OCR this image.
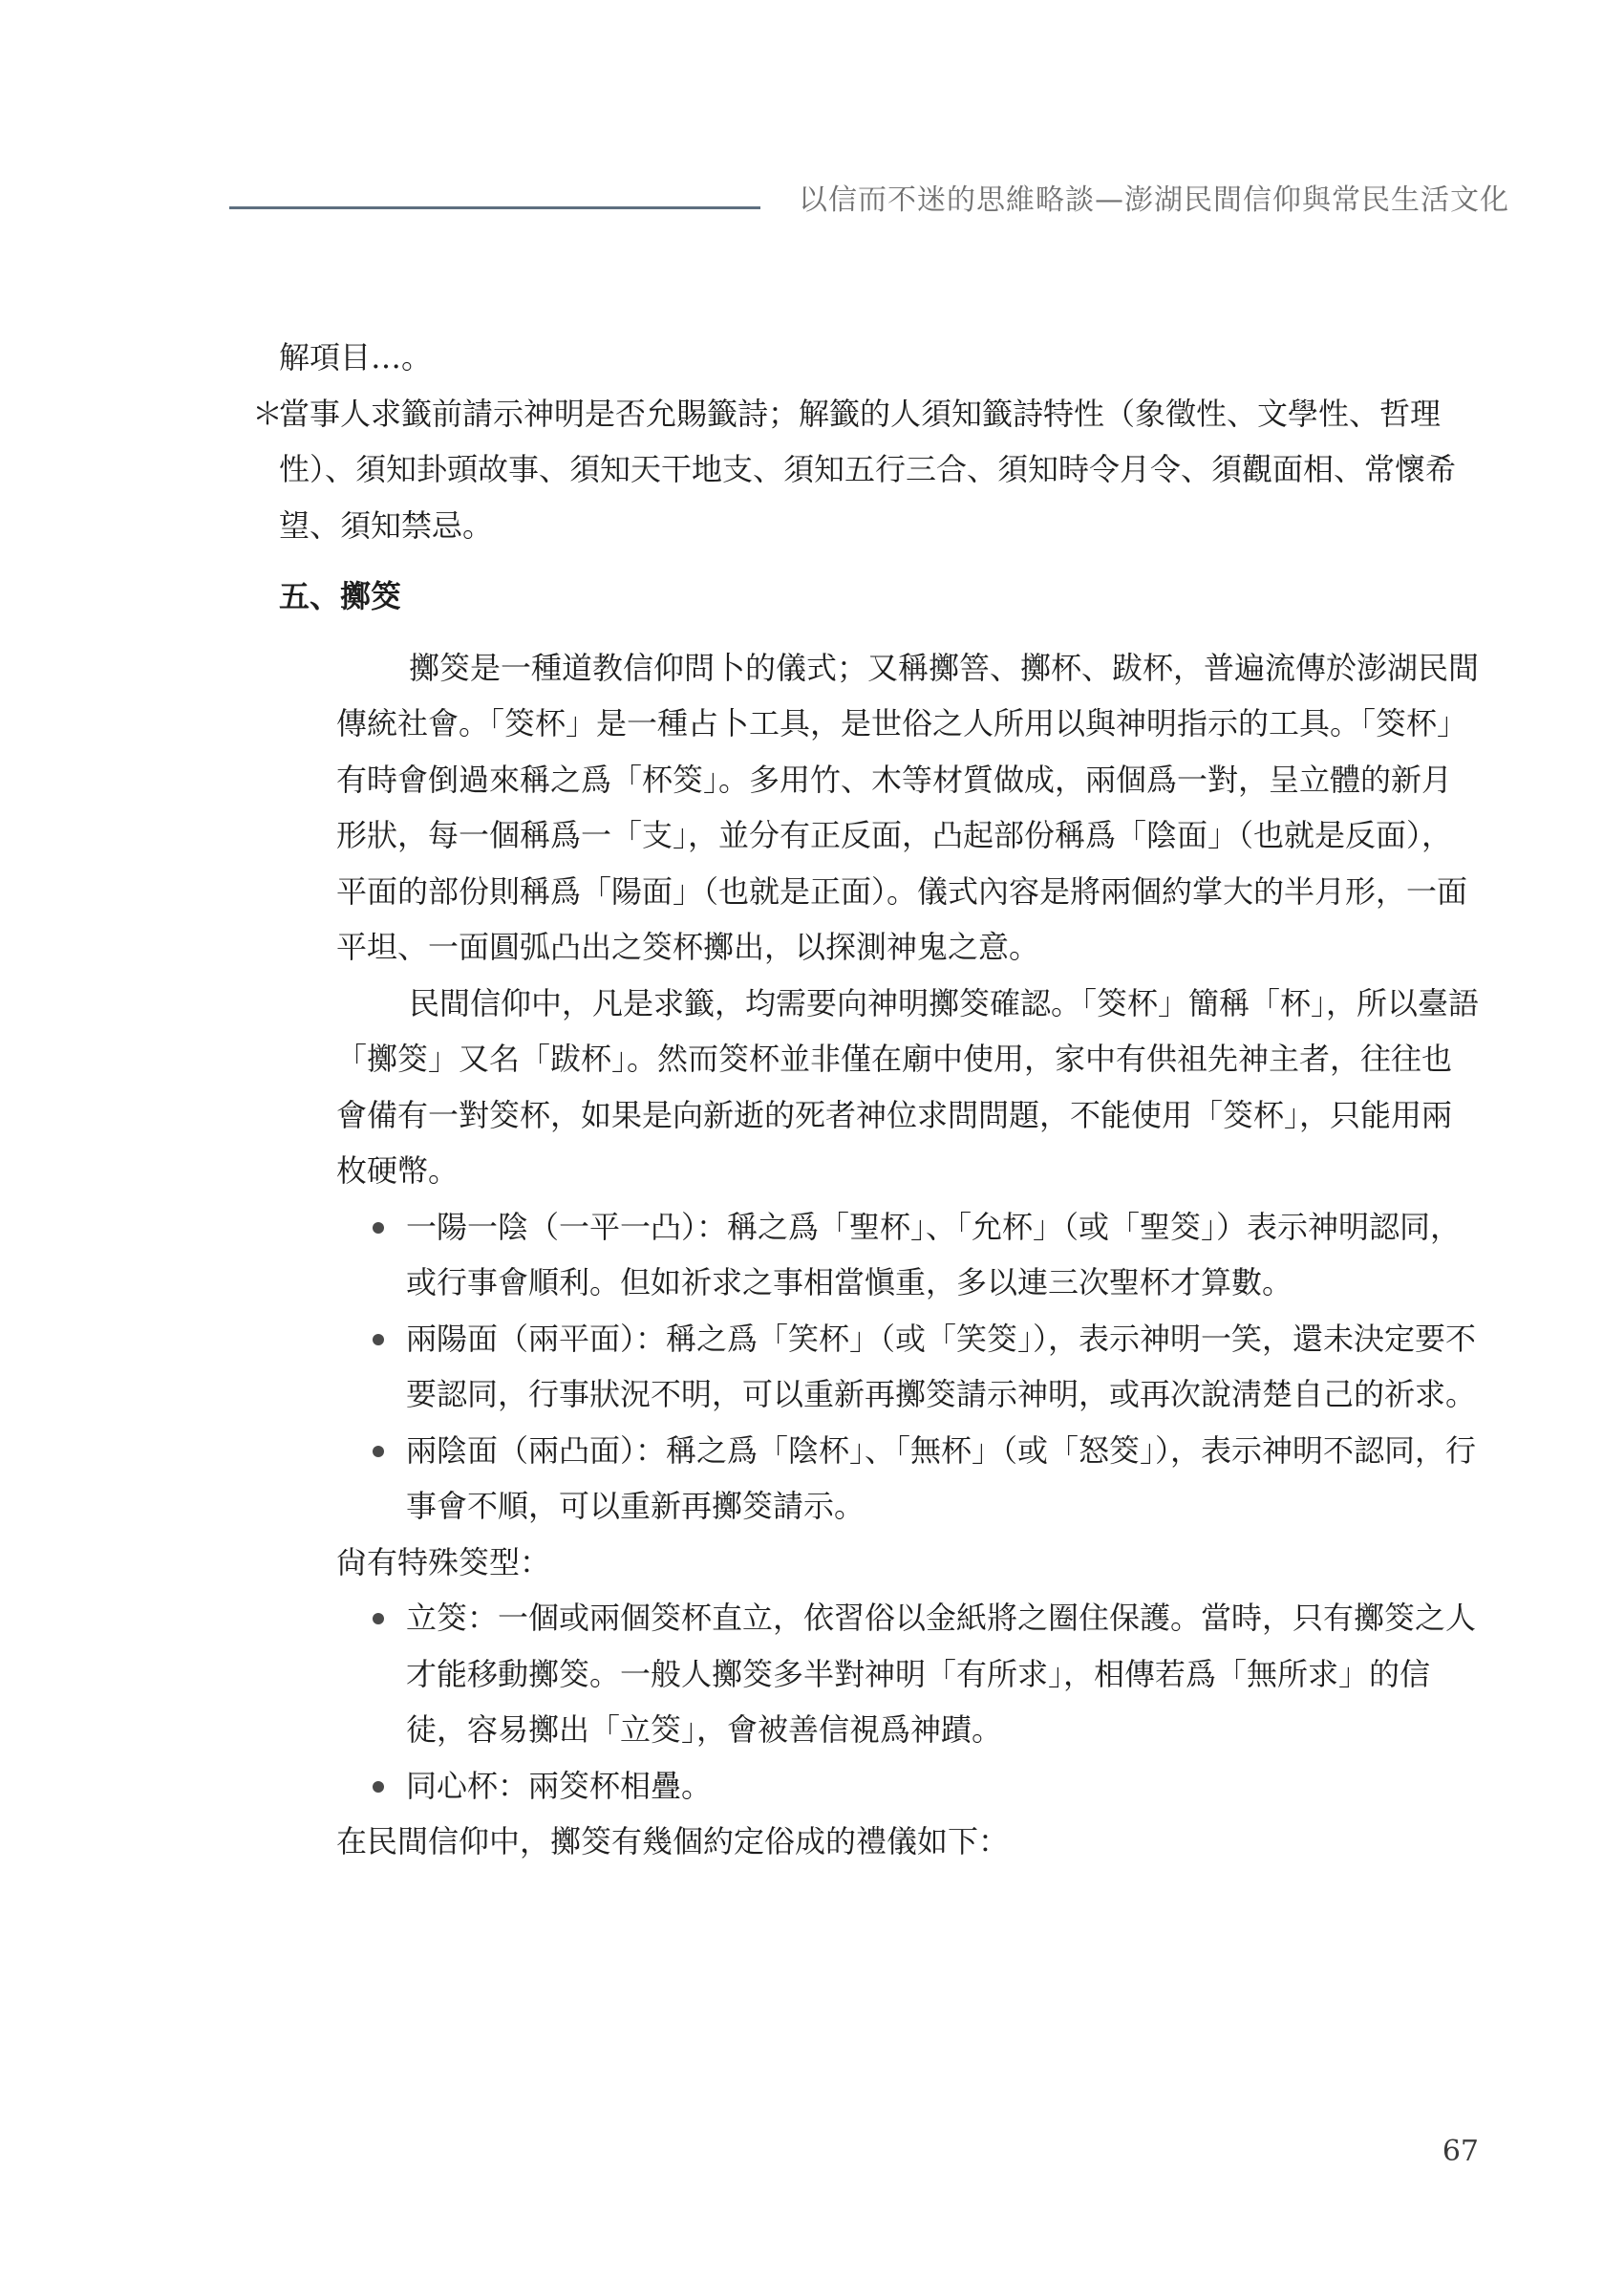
以信而不迷的思維略談—澎湖民間信仰與常民生活文化

解項目…。

＊
當事人求籤前請示神明是否允賜籤詩；解籤的人須知籤詩特性（象徵性、文學性、哲理性）、須知卦頭故事、須知天干地支、須知五行三合、須知時令月令、須觀面相、常懷希望、須知禁忌。
五、擲筊

擲筊是一種道教信仰問卜的儀式；又稱擲箁、擲杯、跋杯，普遍流傳於澎湖民間傳統社會。「筊杯」是一種占卜工具，是世俗之人所用以與神明指示的工具。「筊杯」有時會倒過來稱之爲「杯筊」。多用竹、木等材質做成，兩個爲一對，呈立體的新月形狀，每一個稱爲一「支」，並分有正反面，凸起部份稱爲「陰面」（也就是反面），平面的部份則稱爲「陽面」（也就是正面）。儀式內容是將兩個約掌大的半月形，一面平坦、一面圓弧凸出之筊杯擲出，以探測神鬼之意。

民間信仰中，凡是求籤，均需要向神明擲筊確認。「筊杯」簡稱「杯」，所以臺語「擲筊」又名「跋杯」。然而筊杯並非僅在廟中使用，家中有供祖先神主者，往往也會備有一對筊杯，如果是向新逝的死者神位求問問題，不能使用「筊杯」，只能用兩枚硬幣。

一陽一陰（一平一凸）：稱之爲「聖杯」、「允杯」（或「聖筊」）表示神明認同，或行事會順利。但如祈求之事相當愼重，多以連三次聖杯才算數。
兩陽面（兩平面）：稱之爲「笑杯」（或「笑筊」），表示神明一笑，還未決定要不要認同，行事狀況不明，可以重新再擲筊請示神明，或再次說淸楚自己的祈求。
兩陰面（兩凸面）：稱之爲「陰杯」、「無杯」（或「怒筊」），表示神明不認同，行事會不順，可以重新再擲筊請示。

尙有特殊筊型：

立筊：一個或兩個筊杯直立，依習俗以金紙將之圈住保護。當時，只有擲筊之人才能移動擲筊。一般人擲筊多半對神明「有所求」，相傳若爲「無所求」的信徒，容易擲出「立筊」，會被善信視爲神蹟。
同心杯：兩筊杯相疊。

在民間信仰中，擲筊有幾個約定俗成的禮儀如下：

67
